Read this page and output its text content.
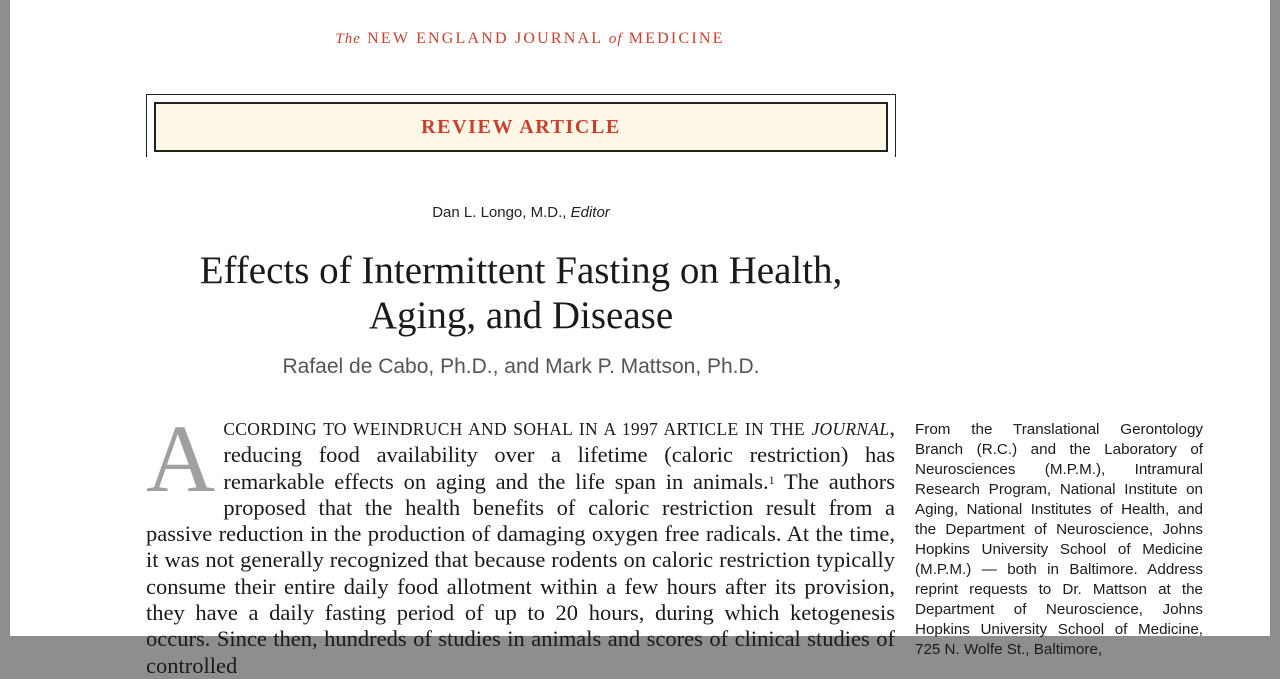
The NEW ENGLAND JOURNAL of MEDICINE
REVIEW ARTICLE
Dan L. Longo, M.D., Editor
Effects of Intermittent Fasting on Health,
Aging, and Disease
Rafael de Cabo, Ph.D., and Mark P. Mattson, Ph.D.
ACCORDING TO WEINDRUCH AND SOHAL IN A 1997 ARTICLE IN THE JOURNAL, reducing food availability over a lifetime (caloric restriction) has remarkable effects on aging and the life span in animals.$^1$ The authors proposed that the health benefits of caloric restriction result from a passive reduction in the production of damaging oxygen free radicals. At the time, it was not generally recognized that because rodents on caloric restriction typically consume their entire daily food allotment within a few hours after its provision, they have a daily fasting period of up to 20 hours, during which ketogenesis occurs. Since then, hundreds of studies in animals and scores of clinical studies of controlled
From the Translational Gerontology Branch (R.C.) and the Laboratory of Neurosciences (M.P.M.), Intramural Research Program, National Institute on Aging, National Institutes of Health, and the Department of Neuroscience, Johns Hopkins University School of Medicine (M.P.M.) — both in Baltimore. Address reprint requests to Dr. Mattson at the Department of Neuroscience, Johns Hopkins University School of Medicine, 725 N. Wolfe St., Baltimore,
